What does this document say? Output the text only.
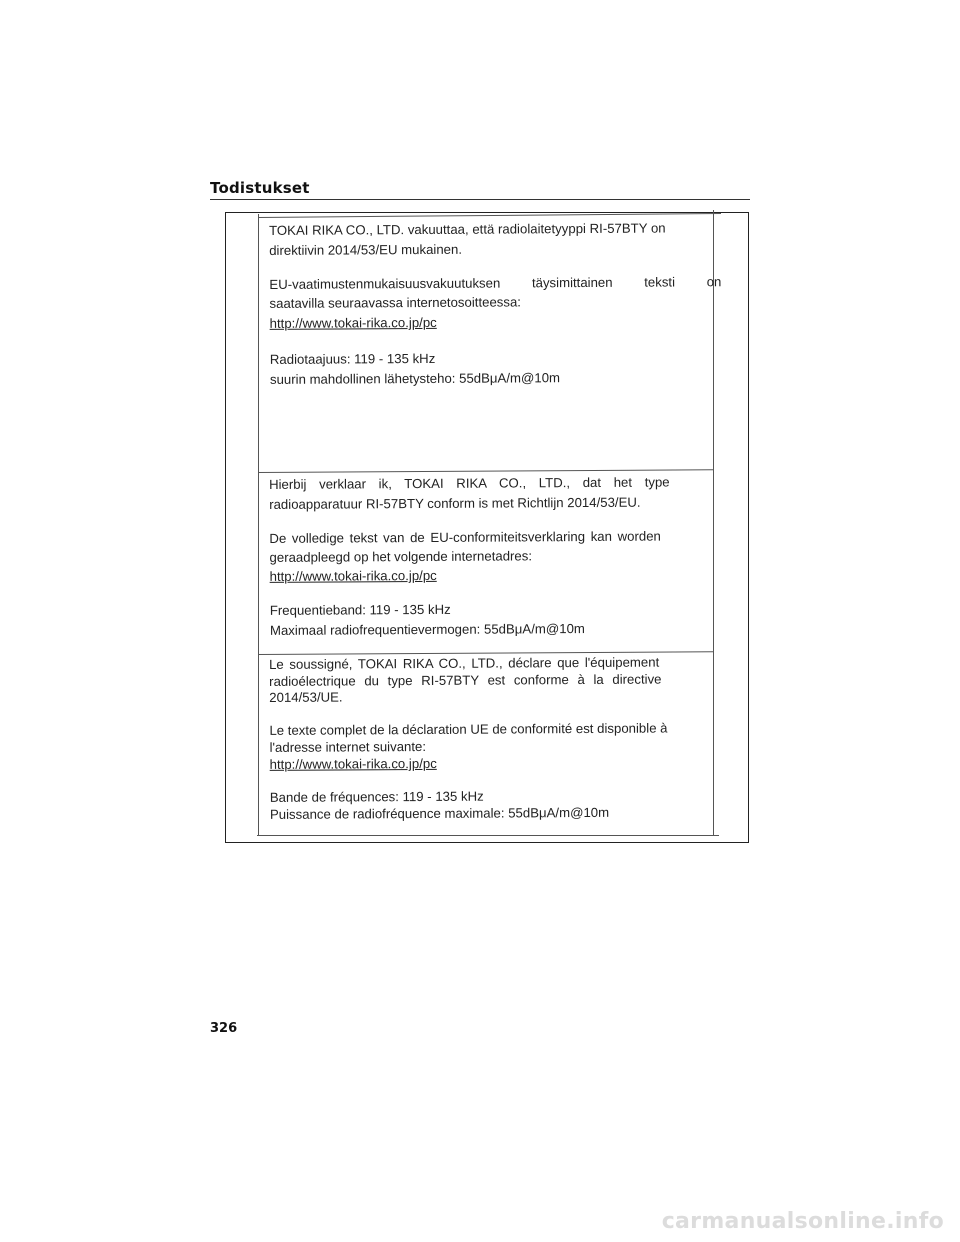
Todistukset
TOKAI RIKA CO., LTD. vakuuttaa, että radiolaitetyyppi RI-57BTY on
direktiivin 2014/53/EU mukainen.
EU-vaatimustenmukaisuusvakuutuksen täysimittainen teksti on
saatavilla seuraavassa internetosoitteessa:
http://www.tokai-rika.co.jp/pc
Radiotaajuus: 119 - 135 kHz
suurin mahdollinen lähetysteho: 55dBμA/m@10m
Hierbij verklaar ik, TOKAI RIKA CO., LTD., dat het type
radioapparatuur RI-57BTY conform is met Richtlijn 2014/53/EU.
De volledige tekst van de EU-conformiteitsverklaring kan worden
geraadpleegd op het volgende internetadres:
http://www.tokai-rika.co.jp/pc
Frequentieband: 119 - 135 kHz
Maximaal radiofrequentievermogen: 55dBμA/m@10m
Le soussigné, TOKAI RIKA CO., LTD., déclare que l'équipement
radioélectrique du type RI-57BTY est conforme à la directive
2014/53/UE.
Le texte complet de la déclaration UE de conformité est disponible à
l'adresse internet suivante:
http://www.tokai-rika.co.jp/pc
Bande de fréquences: 119 - 135 kHz
Puissance de radiofréquence maximale: 55dBμA/m@10m
326
carmanualsonline.info
